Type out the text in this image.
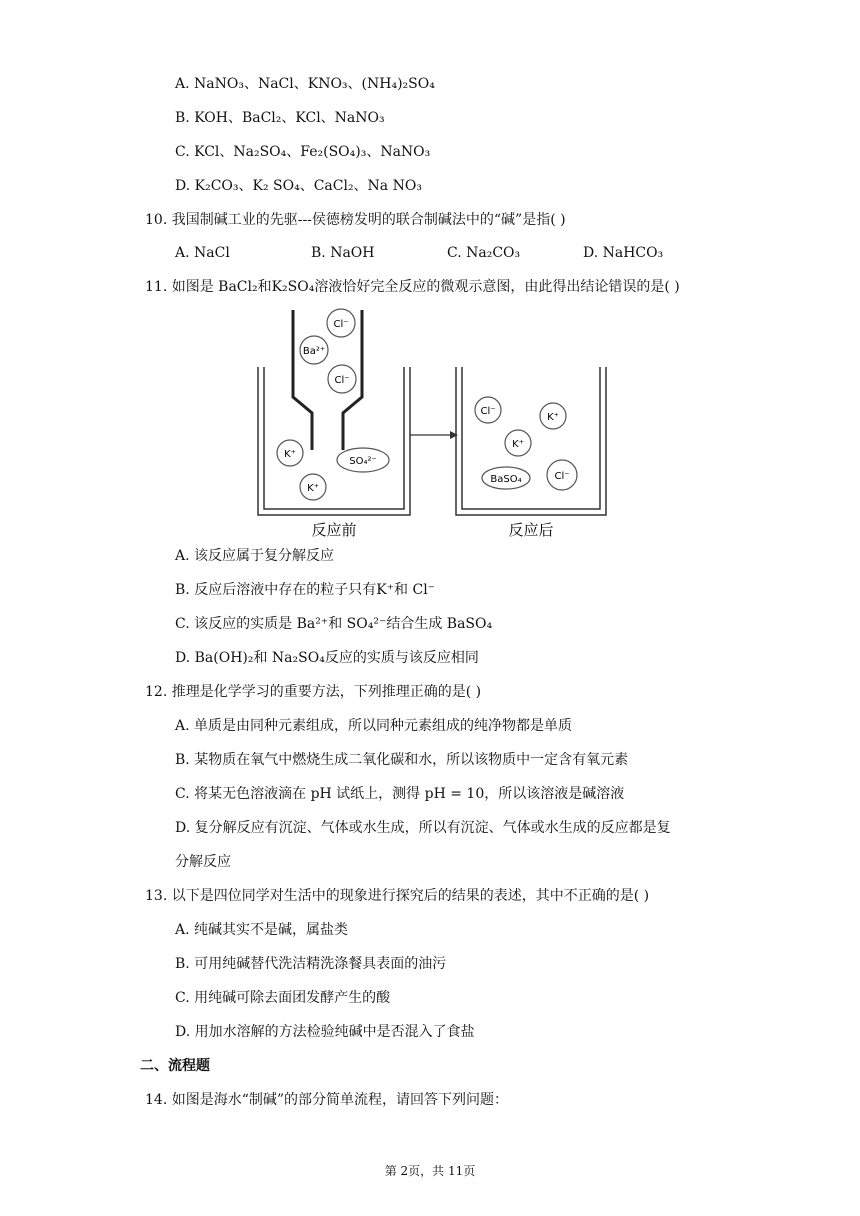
A. NaNO₃、NaCl、KNO₃、(NH₄)₂SO₄
B. KOH、BaCl₂、KCl、NaNO₃
C. KCl、Na₂SO₄、Fe₂(SO₄)₃、NaNO₃
D. K₂CO₃、K₂ SO₄、CaCl₂、Na NO₃
10. 我国制碱工业的先驱---侯德榜发明的联合制碱法中的“碱”是指( )
A. NaCl	B. NaOH	C. Na₂CO₃	D. NaHCO₃
11. 如图是 BaCl₂和K₂SO₄溶液恰好完全反应的微观示意图，由此得出结论错误的是( )
Cl⁻
Ba²⁺
Cl⁻
K⁺
SO₄²⁻
K⁺
Cl⁻
K⁺
K⁺
BaSO₄	Cl⁻
反应前	反应后
A. 该反应属于复分解反应
B. 反应后溶液中存在的粒子只有K⁺和 Cl⁻
C. 该反应的实质是 Ba²⁺和 SO₄²⁻结合生成 BaSO₄
D. Ba(OH)₂和 Na₂SO₄反应的实质与该反应相同
12. 推理是化学学习的重要方法，下列推理正确的是( )
A. 单质是由同种元素组成，所以同种元素组成的纯净物都是单质
B. 某物质在氧气中燃烧生成二氧化碳和水，所以该物质中一定含有氧元素
C. 将某无色溶液滴在 pH 试纸上，测得 pH = 10，所以该溶液是碱溶液
D. 复分解反应有沉淀、气体或水生成，所以有沉淀、气体或水生成的反应都是复
分解反应
13. 以下是四位同学对生活中的现象进行探究后的结果的表述，其中不正确的是( )
A. 纯碱其实不是碱，属盐类
B. 可用纯碱替代洗洁精洗涤餐具表面的油污
C. 用纯碱可除去面团发酵产生的酸
D. 用加水溶解的方法检验纯碱中是否混入了食盐
二、流程题
14. 如图是海水“制碱”的部分简单流程，请回答下列问题：
第 2页，共 11页
